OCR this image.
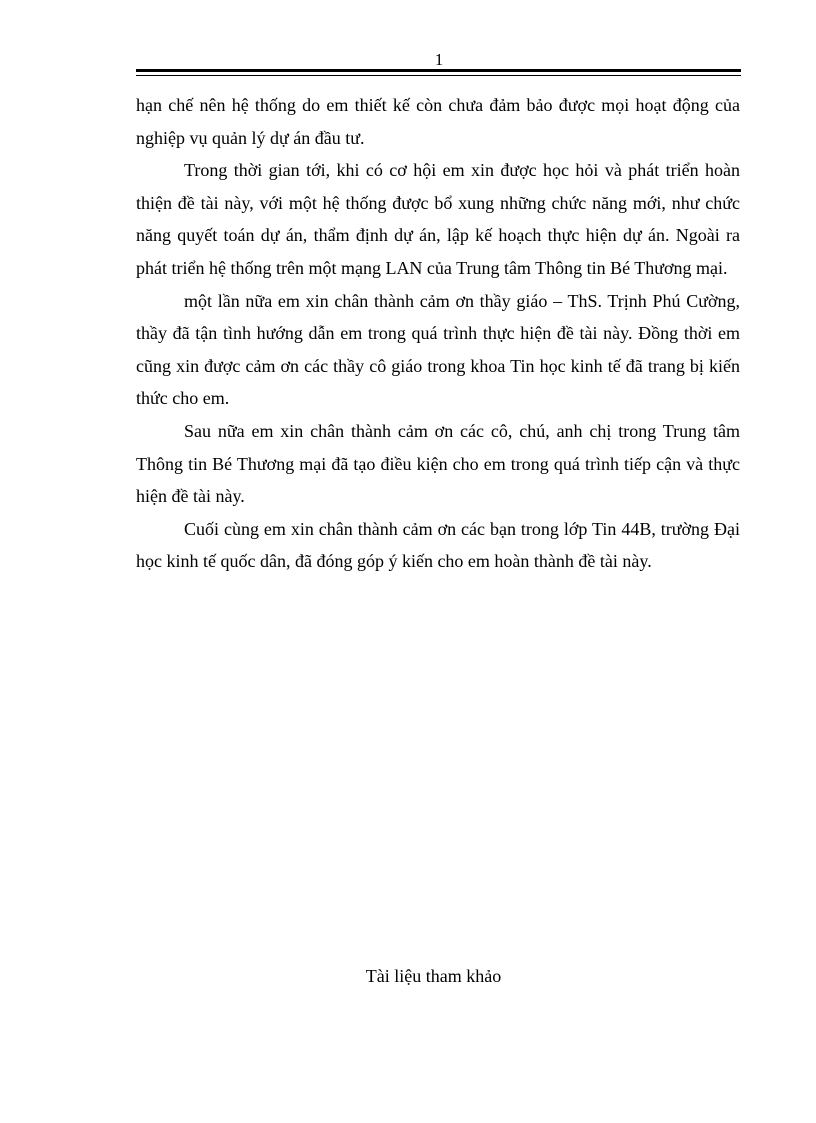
1

hạn chế nên hệ thống do em thiết kế còn chưa đảm bảo được mọi hoạt động của nghiệp vụ quản lý dự án đầu tư.

Trong thời gian tới, khi có cơ hội em xin được học hỏi và phát triển hoàn thiện đề tài này, với một hệ thống được bổ xung những chức năng mới, như chức năng quyết toán dự án, thẩm định dự án, lập kế hoạch thực hiện dự án. Ngoài ra phát triển hệ thống trên một mạng LAN của Trung tâm Thông tin Bé Thương mại.

một lần nữa em xin chân thành cảm ơn thầy giáo – ThS. Trịnh Phú Cường, thầy đã tận tình hướng dẫn em trong quá trình thực hiện đề tài này. Đồng thời em cũng xin được cảm ơn các thầy cô giáo trong khoa Tin học kinh tế đã trang bị kiến thức cho em.

Sau nữa em xin chân thành cảm ơn các cô, chú, anh chị trong Trung tâm Thông tin Bé Thương mại đã tạo điều kiện cho em trong quá trình tiếp cận và thực hiện đề tài này.

Cuối cùng em xin chân thành cảm ơn các bạn trong lớp Tin 44B, trường Đại học kinh tế quốc dân, đã đóng góp ý kiến cho em hoàn thành đề tài này.

Tài liệu tham khảo
